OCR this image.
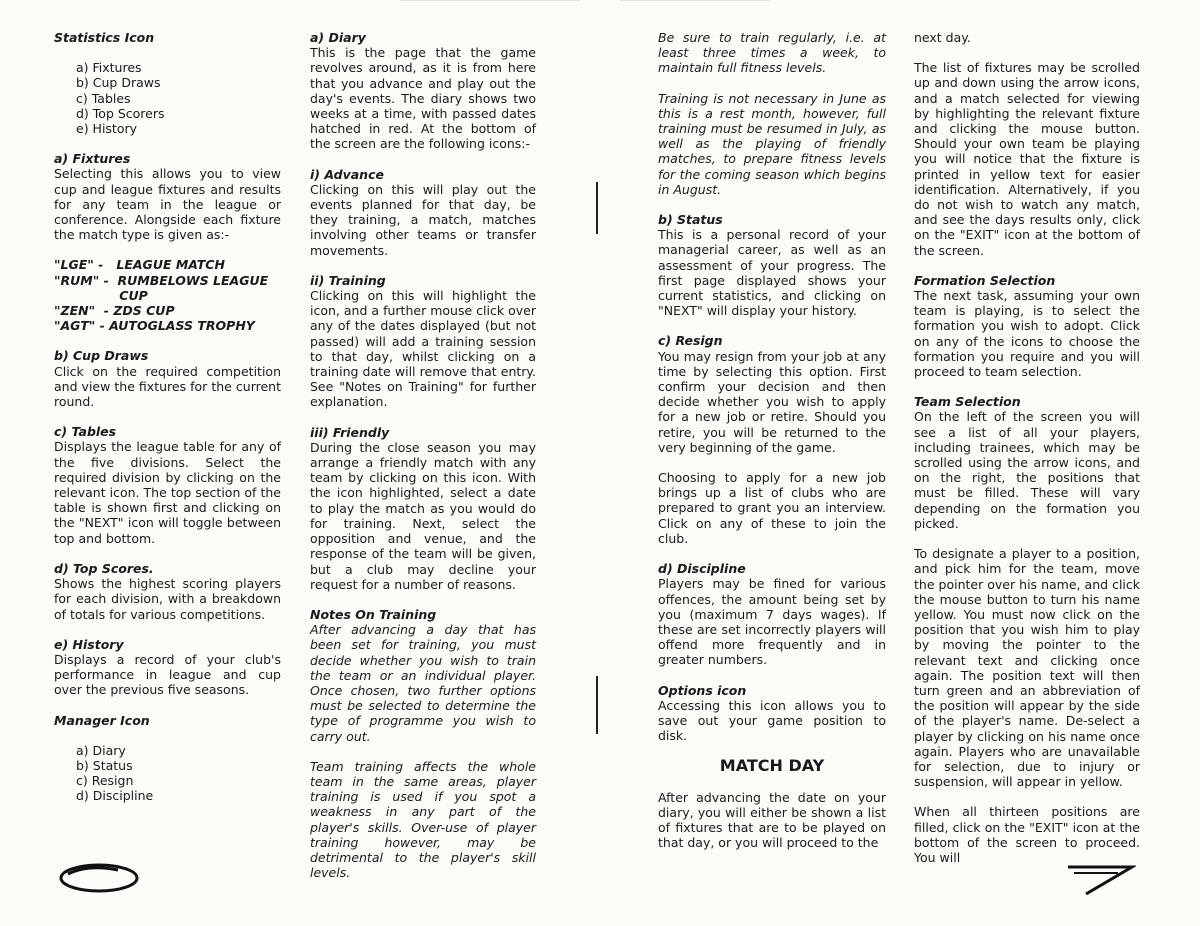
Statistics Icon
a) Fixtures
b) Cup Draws
c) Tables
d) Top Scorers
e) History
a) Fixtures

Selecting this allows you to view cup and league fixtures and results for any team in the league or conference. Alongside each fixture the match type is given as:-

"LGE" -   LEAGUE MATCH
"RUM" -  RUMBELOWS LEAGUE
CUP
"ZEN"  - ZDS CUP
"AGT" - AUTOGLASS TROPHY
b) Cup Draws

Click on the required competition and view the fixtures for the current round.

c) Tables

Displays the league table for any of the five divisions. Select the required division by clicking on the relevant icon. The top section of the table is shown first and clicking on the "NEXT" icon will toggle between top and bottom.

d) Top Scores.

Shows the highest scoring players for each division, with a breakdown of totals for various competitions.

e) History

Displays a record of your club's performance in league and cup over the previous five seasons.

Manager Icon
a) Diary
b) Status
c) Resign
d) Discipline
a) Diary

This is the page that the game revolves around, as it is from here that you advance and play out the day's events. The diary shows two weeks at a time, with passed dates hatched in red. At the bottom of the screen are the following icons:-

i) Advance

Clicking on this will play out the events planned for that day, be they training, a match, matches involving other teams or transfer movements.

ii) Training

Clicking on this will highlight the icon, and a further mouse click over any of the dates displayed (but not passed) will add a training session to that day, whilst clicking on a training date will remove that entry. See "Notes on Training" for further explanation.

iii) Friendly

During the close season you may arrange a friendly match with any team by clicking on this icon. With the icon highlighted, select a date to play the match as you would do for training. Next, select the opposition and venue, and the response of the team will be given, but a club may decline your request for a number of reasons.

Notes On Training

After advancing a day that has been set for training, you must decide whether you wish to train the team or an individual player. Once chosen, two further options must be selected to determine the type of programme you wish to carry out.

Team training affects the whole team in the same areas, player training is used if you spot a weakness in any part of the player's skills. Over-use of player training however, may be detrimental to the player's skill levels.

Be sure to train regularly, i.e. at least three times a week, to maintain full fitness levels.

Training is not necessary in June as this is a rest month, however, full training must be resumed in July, as well as the playing of friendly matches, to prepare fitness levels for the coming season which begins in August.

b) Status

This is a personal record of your managerial career, as well as an assessment of your progress. The first page displayed shows your current statistics, and clicking on "NEXT" will display your history.

c) Resign

You may resign from your job at any time by selecting this option. First confirm your decision and then decide whether you wish to apply for a new job or retire. Should you retire, you will be returned to the very beginning of the game.

Choosing to apply for a new job brings up a list of clubs who are prepared to grant you an interview. Click on any of these to join the club.

d) Discipline

Players may be fined for various offences, the amount being set by you (maximum 7 days wages). If these are set incorrectly players will offend more frequently and in greater numbers.

Options icon

Accessing this icon allows you to save out your game position to disk.

MATCH DAY

After advancing the date on your diary, you will either be shown a list of fixtures that are to be played on that day, or you will proceed to the

next day.

The list of fixtures may be scrolled up and down using the arrow icons, and a match selected for viewing by highlighting the relevant fixture and clicking the mouse button. Should your own team be playing you will notice that the fixture is printed in yellow text for easier identification. Alternatively, if you do not wish to watch any match, and see the days results only, click on the "EXIT" icon at the bottom of the screen.

Formation Selection

The next task, assuming your own team is playing, is to select the formation you wish to adopt. Click on any of the icons to choose the formation you require and you will proceed to team selection.

Team Selection

On the left of the screen you will see a list of all your players, including trainees, which may be scrolled using the arrow icons, and on the right, the positions that must be filled. These will vary depending on the formation you picked.

To designate a player to a position, and pick him for the team, move the pointer over his name, and click the mouse button to turn his name yellow. You must now click on the position that you wish him to play by moving the pointer to the relevant text and clicking once again. The position text will then turn green and an abbreviation of the position will appear by the side of the player's name. De-select a player by clicking on his name once again. Players who are unavailable for selection, due to injury or suspension, will appear in yellow.

When all thirteen positions are filled, click on the "EXIT" icon at the bottom of the screen to proceed. You will

6	7
